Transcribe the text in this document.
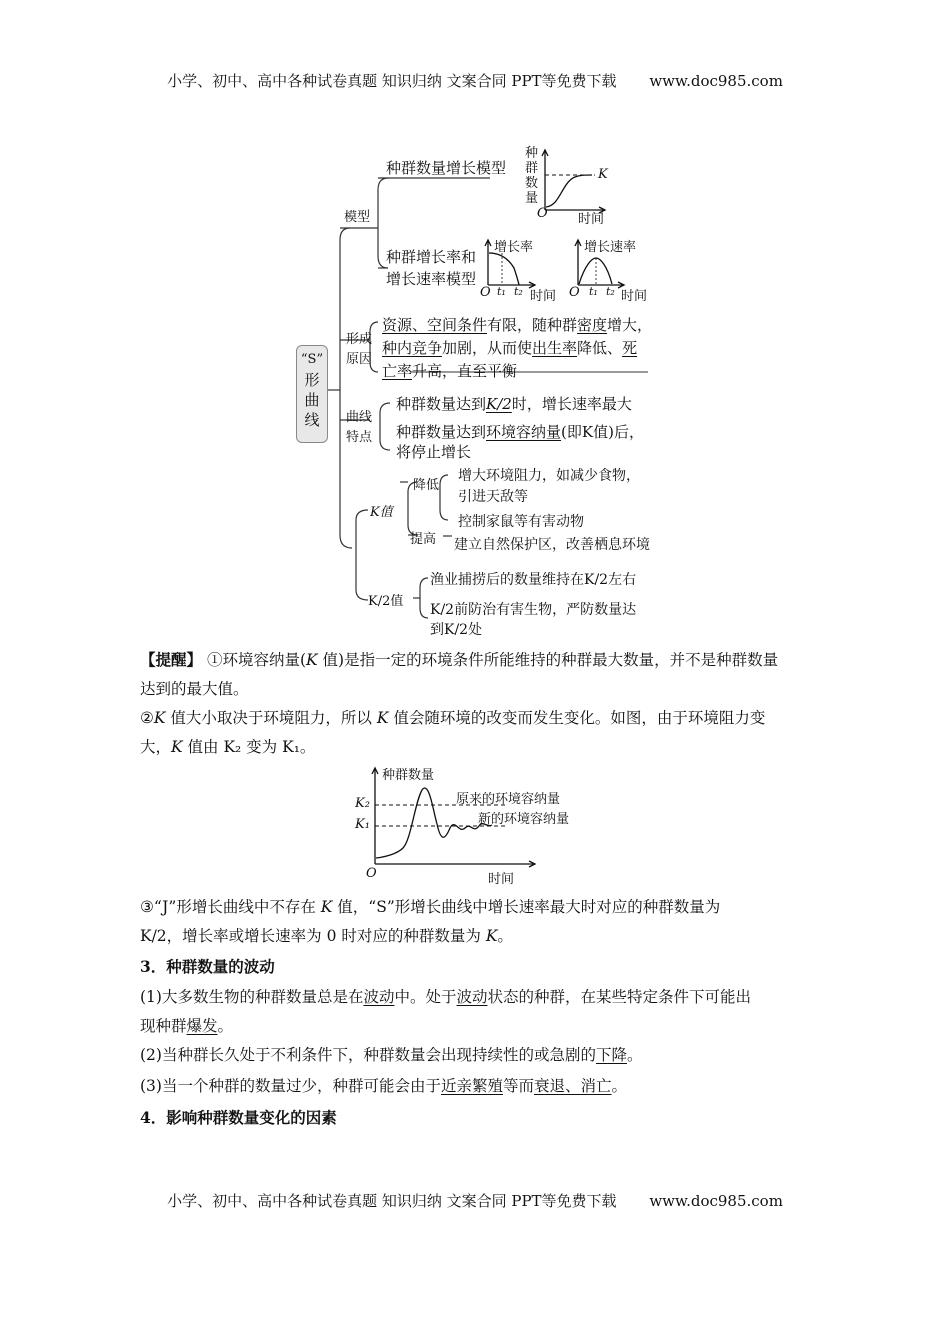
小学、初中、高中各种试卷真题 知识归纳 文案合同 PPT等免费下载 www.doc985.com
“S”
形
曲
线
模型
种群数量增长模型
种群增长率和
增长速率模型
种群数量
K
O 时间
增长率
O t₁ t₂ 时间
增长速率
O t₁ t₂ 时间
形成
原因
资源、空间条件有限，随种群密度增大，
种内竞争加剧，从而使出生率降低、死
亡率升高，直至平衡
曲线
特点
种群数量达到K/2时，增长速率最大
种群数量达到环境容纳量(即K值)后，
将停止增长
K值
降低
增大环境阻力，如减少食物，
引进天敌等
控制家鼠等有害动物
提高 建立自然保护区，改善栖息环境
K/2值
渔业捕捞后的数量维持在K/2左右
K/2前防治有害生物，严防数量达
到K/2处
【提醒】 ①环境容纳量(K 值)是指一定的环境条件所能维持的种群最大数量，并不是种群数量
达到的最大值。
②K 值大小取决于环境阻力，所以 K 值会随环境的改变而发生变化。如图，由于环境阻力变
大，K 值由 K₂ 变为 K₁。
种群数量
K₂
K₁
原来的环境容纳量
新的环境容纳量
O	时间
③“J”形增长曲线中不存在 K 值，“S”形增长曲线中增长速率最大时对应的种群数量为
K/2，增长率或增长速率为 0 时对应的种群数量为 K。
3．种群数量的波动
(1)大多数生物的种群数量总是在波动中。处于波动状态的种群，在某些特定条件下可能出
现种群爆发。
(2)当种群长久处于不利条件下，种群数量会出现持续性的或急剧的下降。
(3)当一个种群的数量过少，种群可能会由于近亲繁殖等而衰退、消亡。
4．影响种群数量变化的因素
小学、初中、高中各种试卷真题 知识归纳 文案合同 PPT等免费下载 www.doc985.com
